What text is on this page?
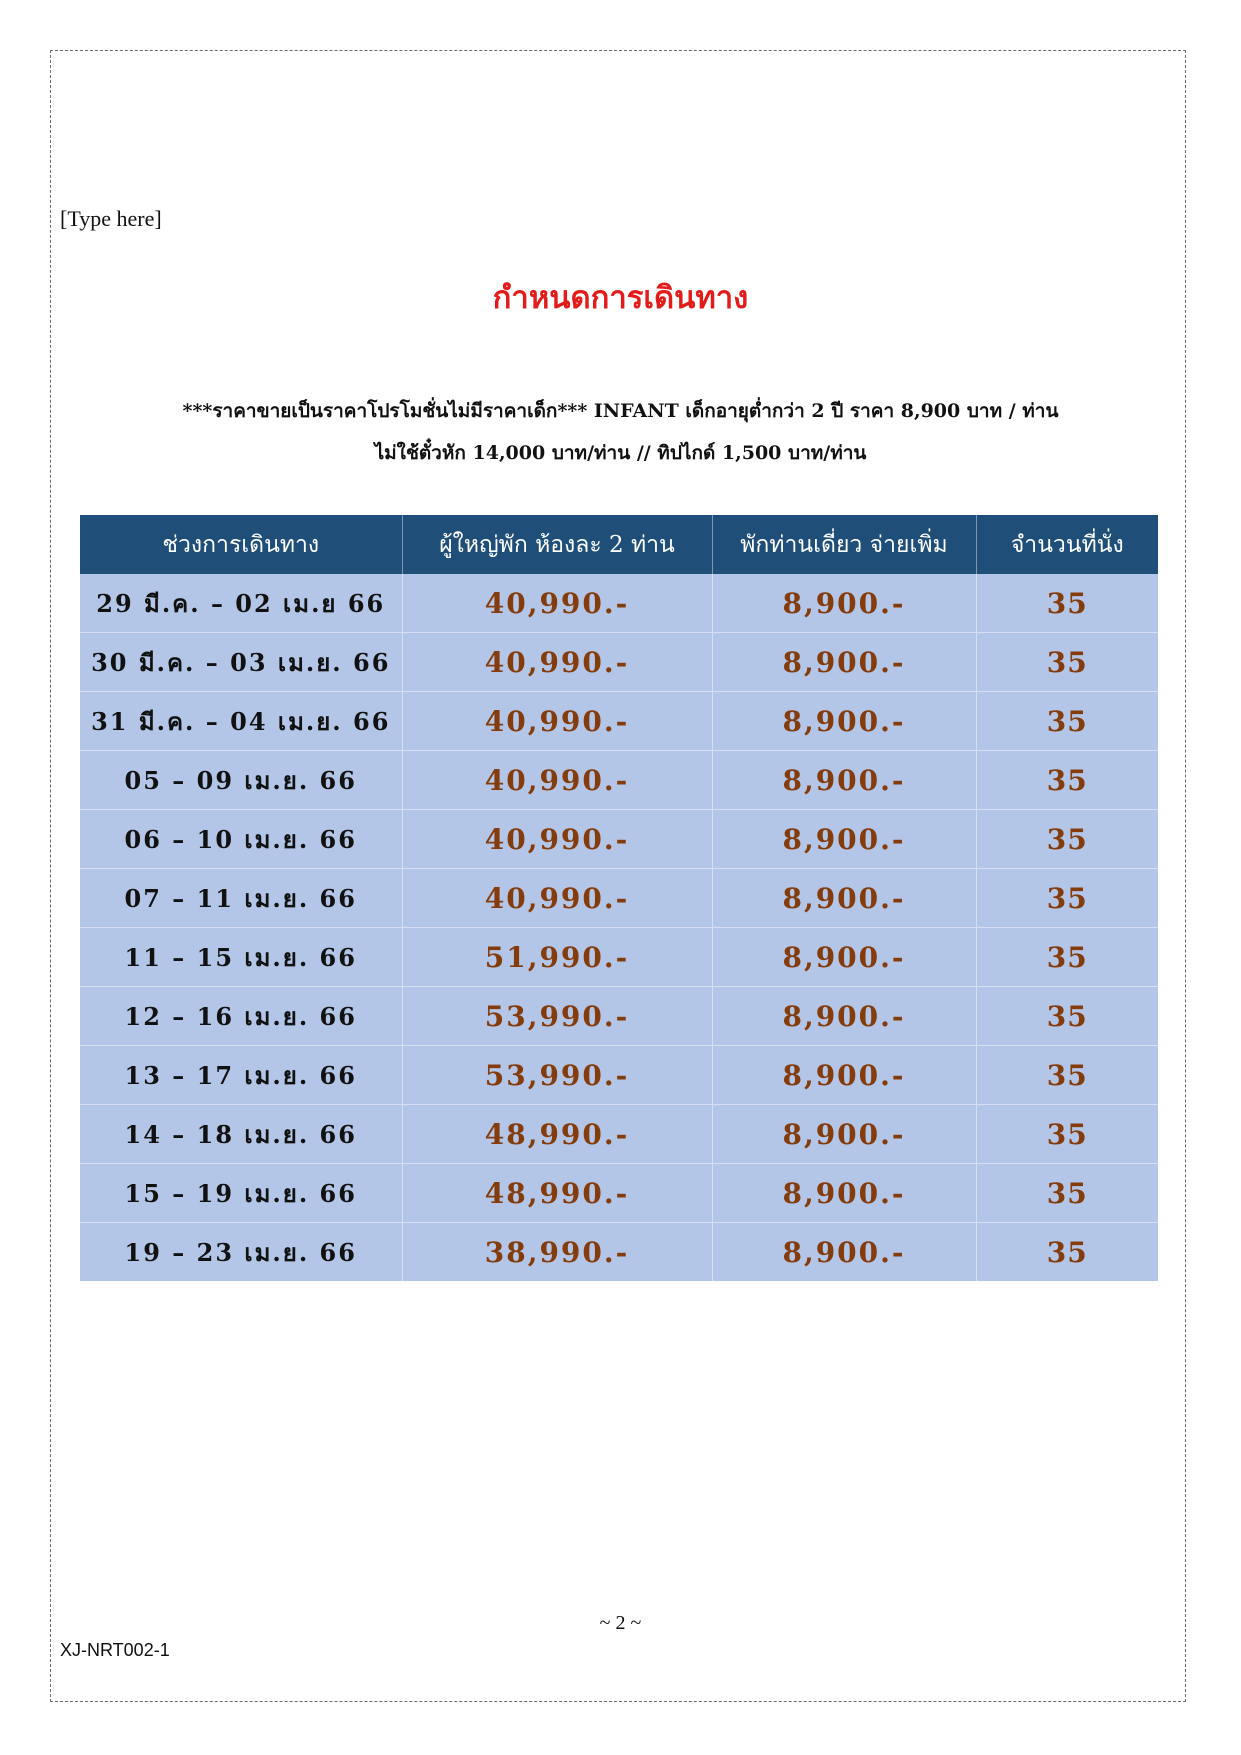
[Type here]
กำหนดการเดินทาง
***ราคาขายเป็นราคาโปรโมชั่นไม่มีราคาเด็ก*** INFANT เด็กอายุต่ำกว่า 2 ปี ราคา 8,900 บาท / ท่าน
ไม่ใช้ตั๋วหัก 14,000 บาท/ท่าน // ทิปไกด์ 1,500 บาท/ท่าน
ช่วงการเดินทาง	ผู้ใหญ่พัก ห้องละ 2 ท่าน	พักท่านเดี่ยว จ่ายเพิ่ม	จำนวนที่นั่ง
29 มี.ค. – 02 เม.ย 66	40,990.-	8,900.-	35
30 มี.ค. – 03 เม.ย. 66	40,990.-	8,900.-	35
31 มี.ค. – 04 เม.ย. 66	40,990.-	8,900.-	35
05 – 09 เม.ย. 66	40,990.-	8,900.-	35
06 – 10 เม.ย. 66	40,990.-	8,900.-	35
07 – 11 เม.ย. 66	40,990.-	8,900.-	35
11 – 15 เม.ย. 66	51,990.-	8,900.-	35
12 – 16 เม.ย. 66	53,990.-	8,900.-	35
13 – 17 เม.ย. 66	53,990.-	8,900.-	35
14 – 18 เม.ย. 66	48,990.-	8,900.-	35
15 – 19 เม.ย. 66	48,990.-	8,900.-	35
19 – 23 เม.ย. 66	38,990.-	8,900.-	35
~ 2 ~
XJ-NRT002-1
